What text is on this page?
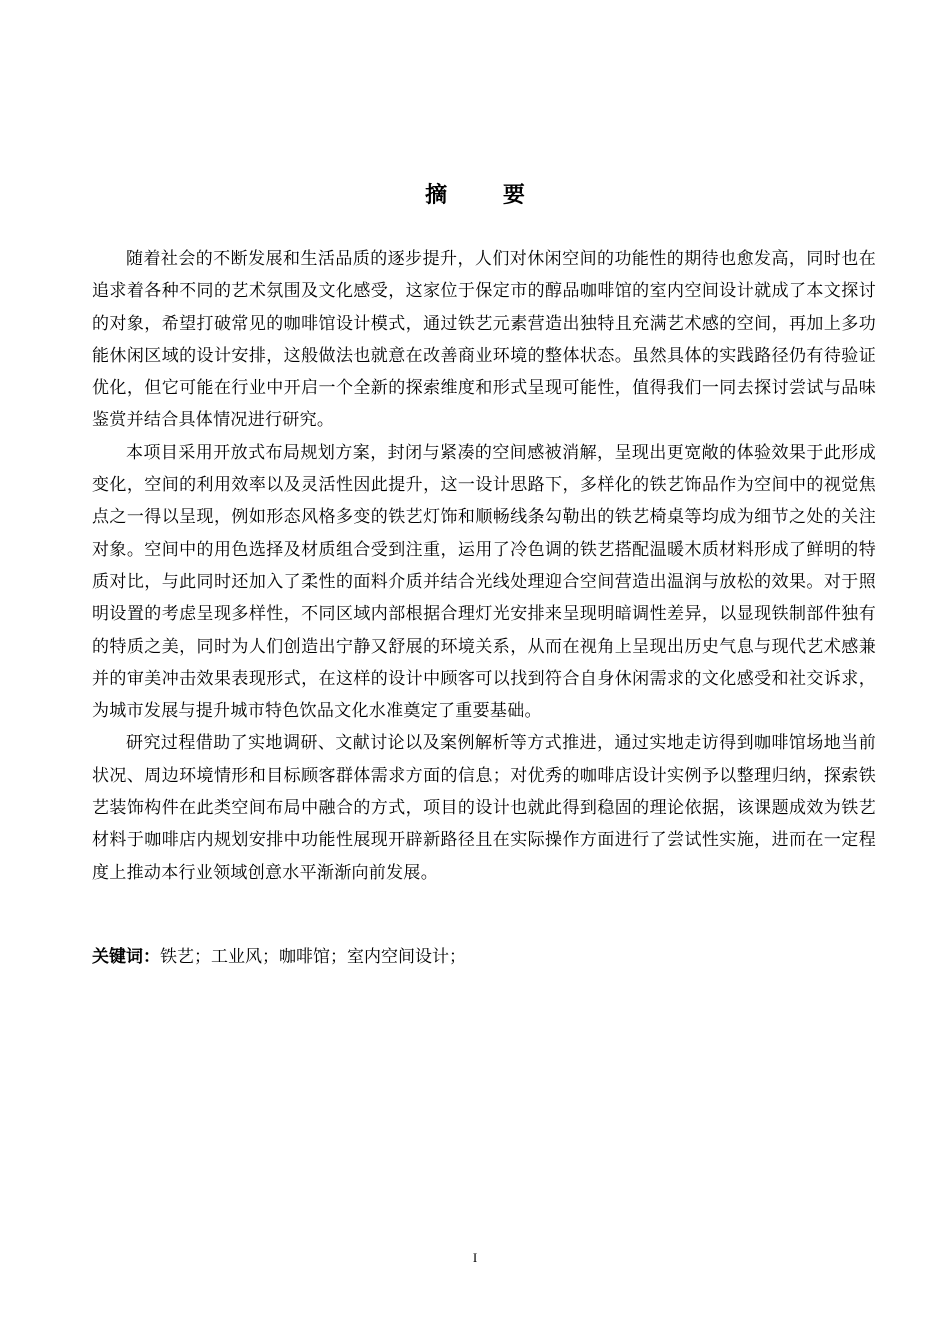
摘 要

随着社会的不断发展和生活品质的逐步提升，人们对休闲空间的功能性的期待也愈发高，同时也在追求着各种不同的艺术氛围及文化感受，这家位于保定市的醇品咖啡馆的室内空间设计就成了本文探讨的对象，希望打破常见的咖啡馆设计模式，通过铁艺元素营造出独特且充满艺术感的空间，再加上多功能休闲区域的设计安排，这般做法也就意在改善商业环境的整体状态。虽然具体的实践路径仍有待验证优化，但它可能在行业中开启一个全新的探索维度和形式呈现可能性，值得我们一同去探讨尝试与品味鉴赏并结合具体情况进行研究。

本项目采用开放式布局规划方案，封闭与紧凑的空间感被消解，呈现出更宽敞的体验效果于此形成变化，空间的利用效率以及灵活性因此提升，这一设计思路下，多样化的铁艺饰品作为空间中的视觉焦点之一得以呈现，例如形态风格多变的铁艺灯饰和顺畅线条勾勒出的铁艺椅桌等均成为细节之处的关注对象。空间中的用色选择及材质组合受到注重，运用了冷色调的铁艺搭配温暖木质材料形成了鲜明的特质对比，与此同时还加入了柔性的面料介质并结合光线处理迎合空间营造出温润与放松的效果。对于照明设置的考虑呈现多样性，不同区域内部根据合理灯光安排来呈现明暗调性差异，以显现铁制部件独有的特质之美，同时为人们创造出宁静又舒展的环境关系，从而在视角上呈现出历史气息与现代艺术感兼并的审美冲击效果表现形式，在这样的设计中顾客可以找到符合自身休闲需求的文化感受和社交诉求，为城市发展与提升城市特色饮品文化水准奠定了重要基础。

研究过程借助了实地调研、文献讨论以及案例解析等方式推进，通过实地走访得到咖啡馆场地当前状况、周边环境情形和目标顾客群体需求方面的信息；对优秀的咖啡店设计实例予以整理归纳，探索铁艺装饰构件在此类空间布局中融合的方式，项目的设计也就此得到稳固的理论依据，该课题成效为铁艺材料于咖啡店内规划安排中功能性展现开辟新路径且在实际操作方面进行了尝试性实施，进而在一定程度上推动本行业领域创意水平渐渐向前发展。

关键词：铁艺；工业风；咖啡馆；室内空间设计；
I
